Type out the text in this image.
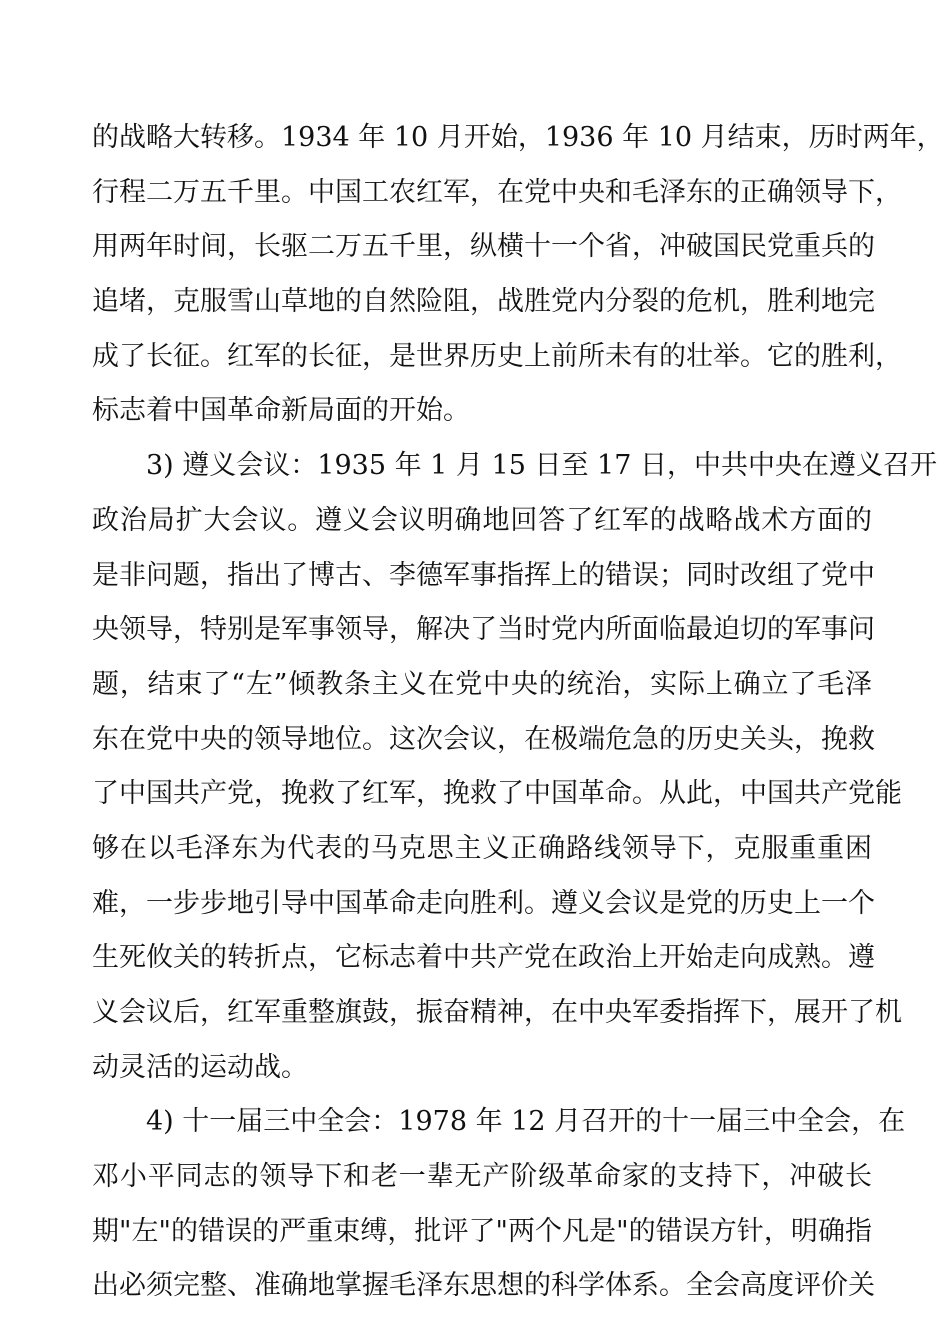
的战略大转移。1934 年 10 月开始，1936 年 10 月结束，历时两年，
行程二万五千里。中国工农红军，在党中央和毛泽东的正确领导下，
用两年时间，长驱二万五千里，纵横十一个省，冲破国民党重兵的
追堵，克服雪山草地的自然险阻，战胜党内分裂的危机，胜利地完
成了长征。红军的长征，是世界历史上前所未有的壮举。它的胜利，
标志着中国革命新局面的开始。
3) 遵义会议：1935 年 1 月 15 日至 17 日，中共中央在遵义召开
政治局扩大会议。遵义会议明确地回答了红军的战略战术方面的
是非问题，指出了博古、李德军事指挥上的错误；同时改组了党中
央领导，特别是军事领导，解决了当时党内所面临最迫切的军事问
题，结束了“左”倾教条主义在党中央的统治，实际上确立了毛泽
东在党中央的领导地位。这次会议，在极端危急的历史关头，挽救
了中国共产党，挽救了红军，挽救了中国革命。从此，中国共产党能
够在以毛泽东为代表的马克思主义正确路线领导下，克服重重困
难，一步步地引导中国革命走向胜利。遵义会议是党的历史上一个
生死攸关的转折点，它标志着中共产党在政治上开始走向成熟。遵
义会议后，红军重整旗鼓，振奋精神，在中央军委指挥下，展开了机
动灵活的运动战。
4) 十一届三中全会：1978 年 12 月召开的十一届三中全会，在
邓小平同志的领导下和老一辈无产阶级革命家的支持下，冲破长
期"左"的错误的严重束缚，批评了"两个凡是"的错误方针，明确指
出必须完整、准确地掌握毛泽东思想的科学体系。全会高度评价关
